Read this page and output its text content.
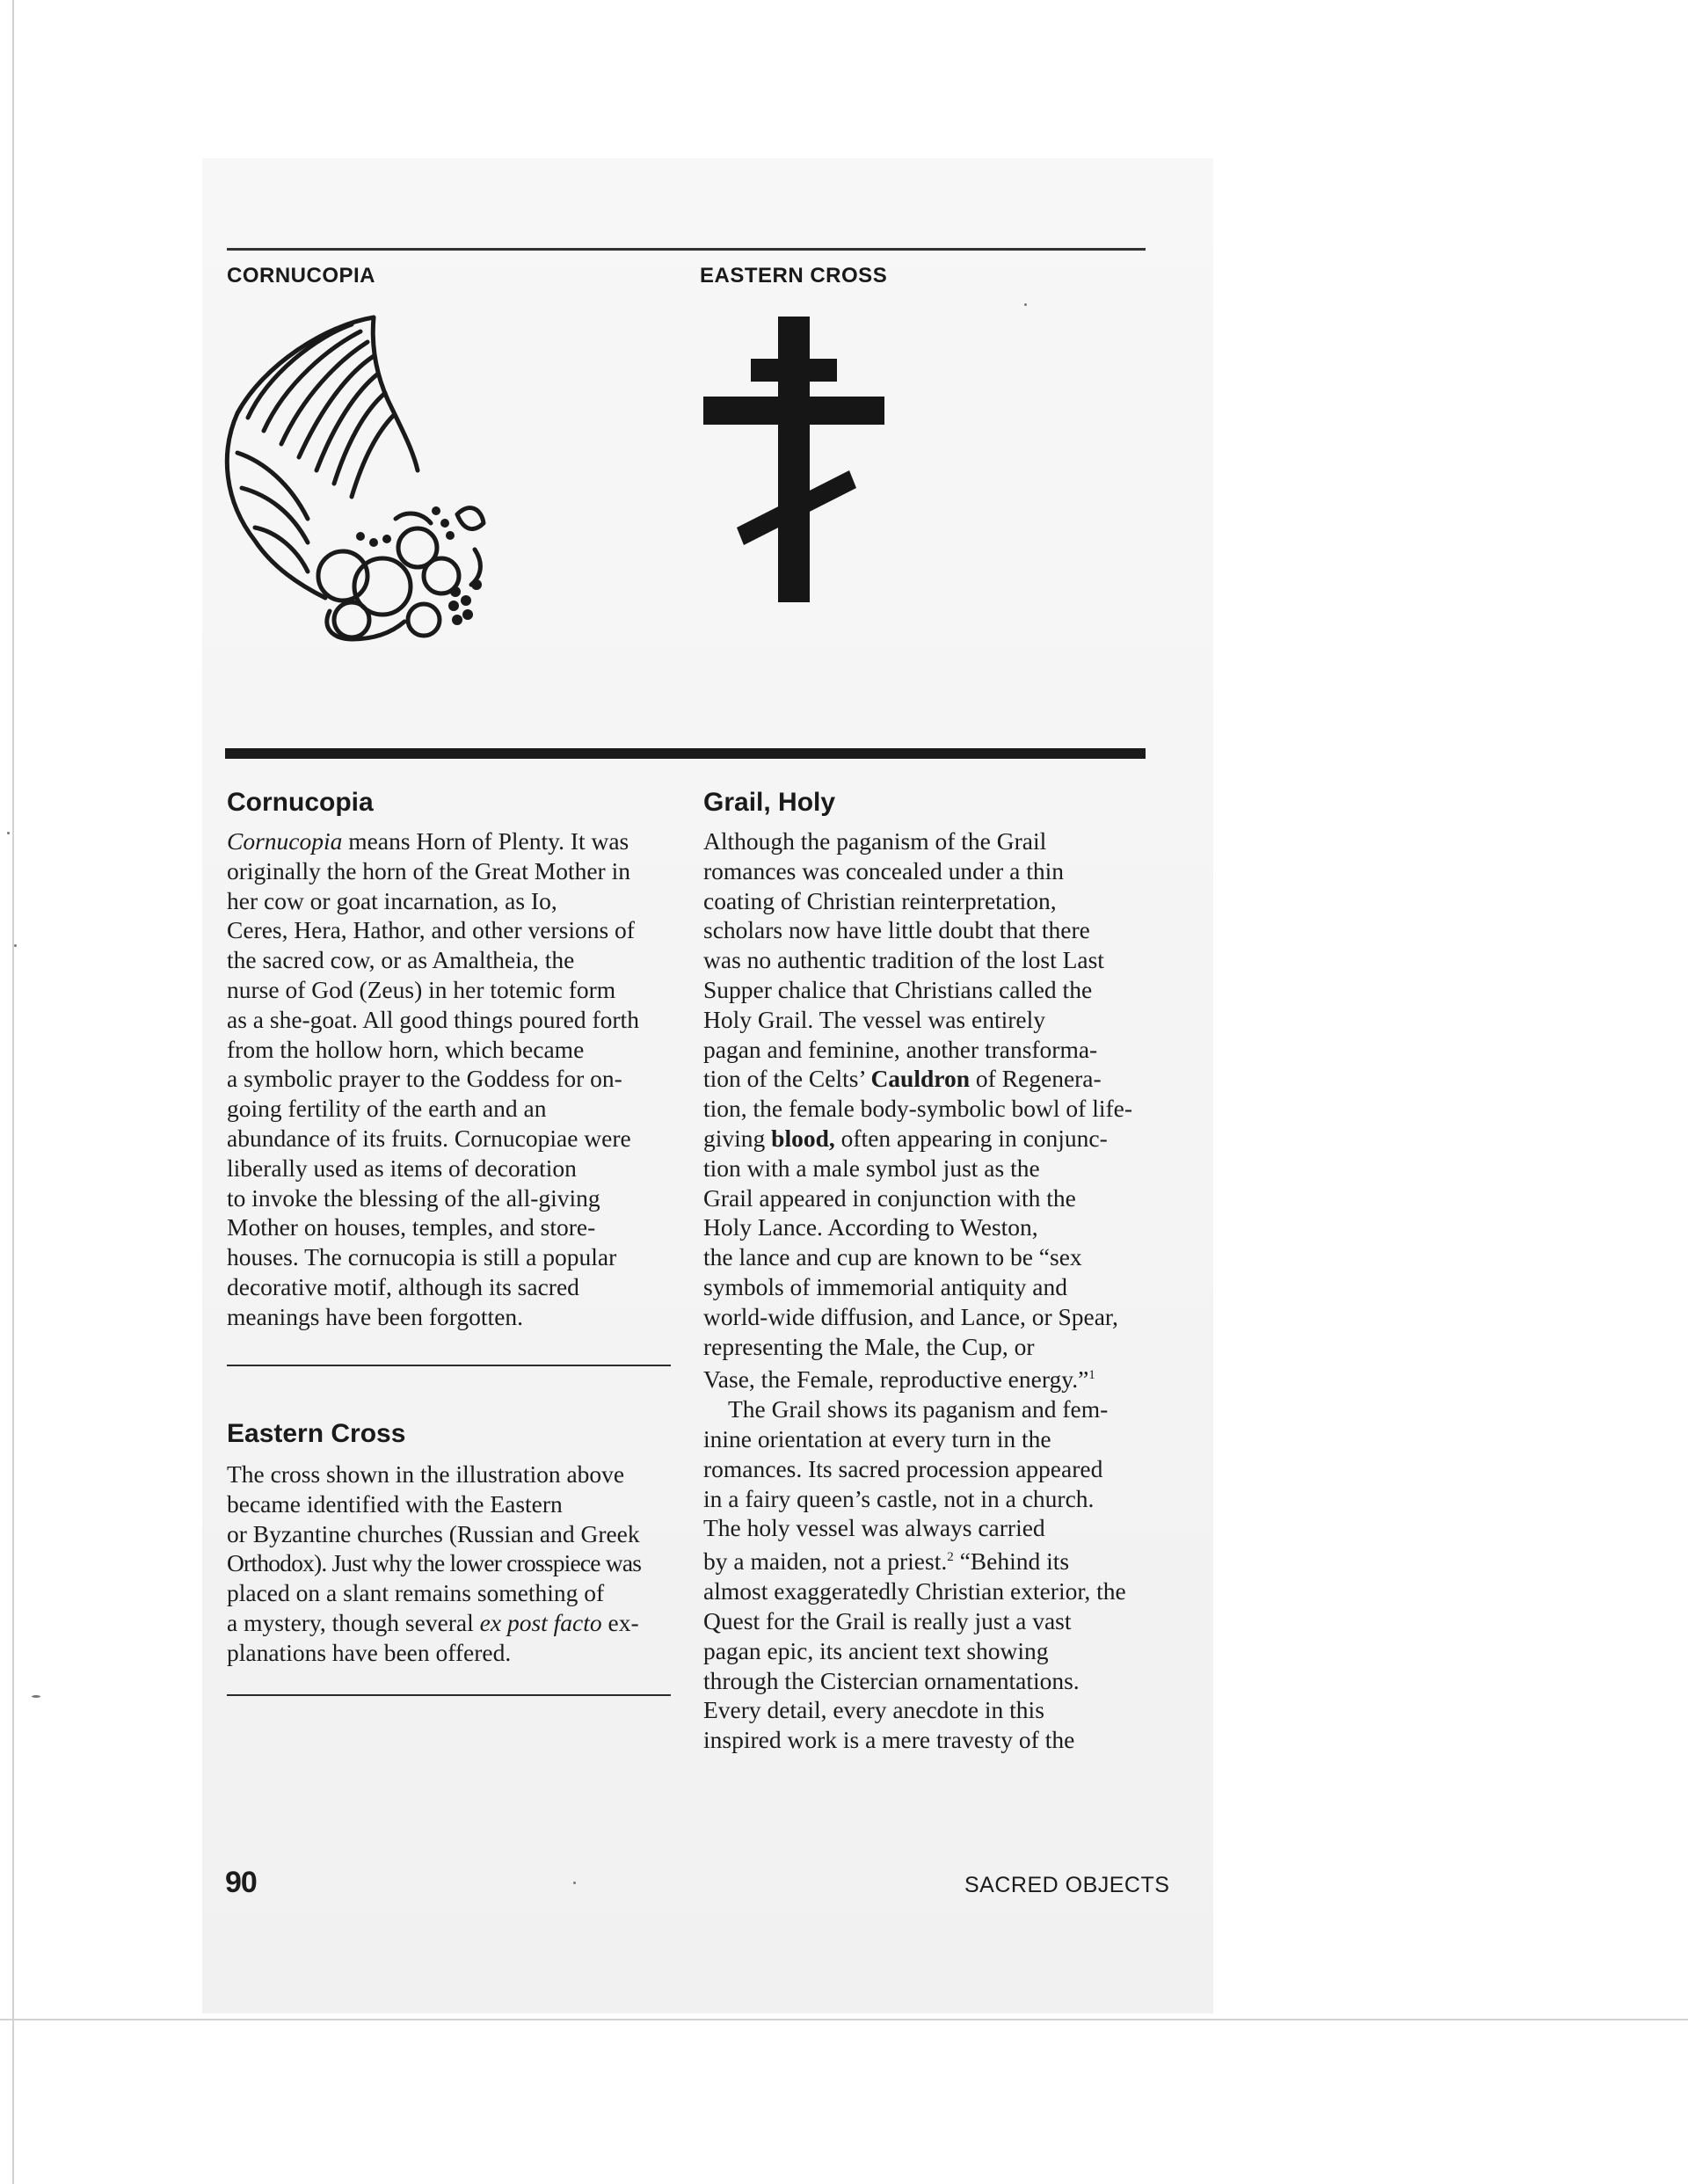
CORNUCOPIA	EASTERN CROSS
Cornucopia
Cornucopia means Horn of Plenty. It was
originally the horn of the Great Mother in
her cow or goat incarnation, as Io,
Ceres, Hera, Hathor, and other versions of
the sacred cow, or as Amaltheia, the
nurse of God (Zeus) in her totemic form
as a she-goat. All good things poured forth
from the hollow horn, which became
a symbolic prayer to the Goddess for on-
going fertility of the earth and an
abundance of its fruits. Cornucopiae were
liberally used as items of decoration
to invoke the blessing of the all-giving
Mother on houses, temples, and store-
houses. The cornucopia is still a popular
decorative motif, although its sacred
meanings have been forgotten.
Eastern Cross
The cross shown in the illustration above
became identified with the Eastern
or Byzantine churches (Russian and Greek
Orthodox). Just why the lower crosspiece was
placed on a slant remains something of
a mystery, though several ex post facto ex-
planations have been offered.
Grail, Holy
Although the paganism of the Grail
romances was concealed under a thin
coating of Christian reinterpretation,
scholars now have little doubt that there
was no authentic tradition of the lost Last
Supper chalice that Christians called the
Holy Grail. The vessel was entirely
pagan and feminine, another transforma-
tion of the Celts’ Cauldron of Regenera-
tion, the female body-symbolic bowl of life-
giving blood, often appearing in conjunc-
tion with a male symbol just as the
Grail appeared in conjunction with the
Holy Lance. According to Weston,
the lance and cup are known to be “sex
symbols of immemorial antiquity and
world-wide diffusion, and Lance, or Spear,
representing the Male, the Cup, or
Vase, the Female, reproductive energy.”$^1$
The Grail shows its paganism and fem-
inine orientation at every turn in the
romances. Its sacred procession appeared
in a fairy queen’s castle, not in a church.
The holy vessel was always carried
by a maiden, not a priest.$^2$ “Behind its
almost exaggeratedly Christian exterior, the
Quest for the Grail is really just a vast
pagan epic, its ancient text showing
through the Cistercian ornamentations.
Every detail, every anecdote in this
inspired work is a mere travesty of the
90	SACRED OBJECTS
